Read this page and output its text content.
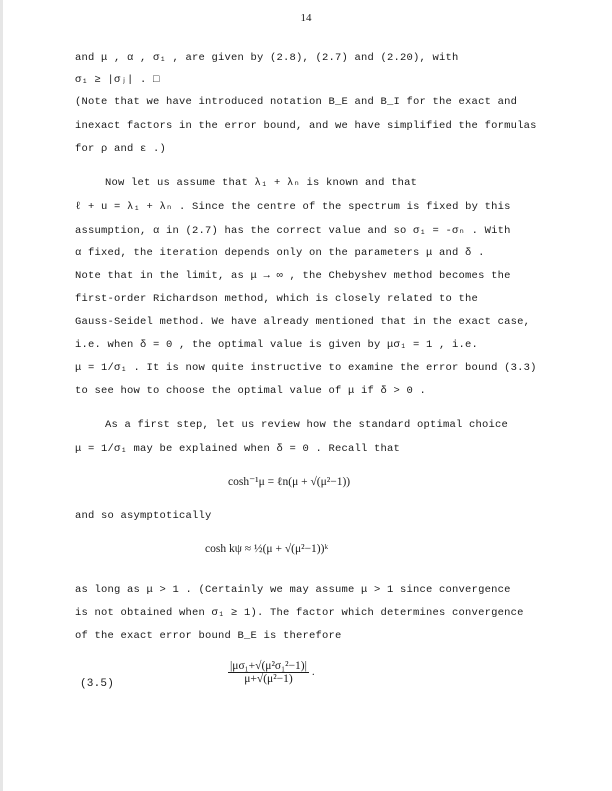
14
and μ , α , σ₁ , are given by (2.8), (2.7) and (2.20), with
σ₁ ≥ |σⱼ| . □
(Note that we have introduced notation B_E and B_I for the exact and
inexact factors in the error bound, and we have simplified the formulas
for ρ and ε .)
Now let us assume that λ₁ + λₙ is known and that
ℓ + u = λ₁ + λₙ . Since the centre of the spectrum is fixed by this
assumption, α in (2.7) has the correct value and so σ₁ = -σₙ . With
α fixed, the iteration depends only on the parameters μ and δ .
Note that in the limit, as μ → ∞ , the Chebyshev method becomes the
first-order Richardson method, which is closely related to the
Gauss-Seidel method. We have already mentioned that in the exact case,
i.e. when δ = 0 , the optimal value is given by μσ₁ = 1 , i.e.
μ = 1/σ₁ . It is now quite instructive to examine the error bound (3.3)
to see how to choose the optimal value of μ if δ > 0 .
As a first step, let us review how the standard optimal choice
μ = 1/σ₁ may be explained when δ = 0 . Recall that
cosh⁻¹μ = ℓn(μ + √(μ²−1))
and so asymptotically
cosh kψ ≈ ½(μ + √(μ²−1))ᵏ
as long as μ > 1 . (Certainly we may assume μ > 1 since convergence
is not obtained when σ₁ ≥ 1). The factor which determines convergence
of the exact error bound B_E is therefore
(3.5)	$\frac{\text{|μσ₁+√(μ²σ₁²−1)|}}{\text{μ+√(μ²−1)}}$ .
